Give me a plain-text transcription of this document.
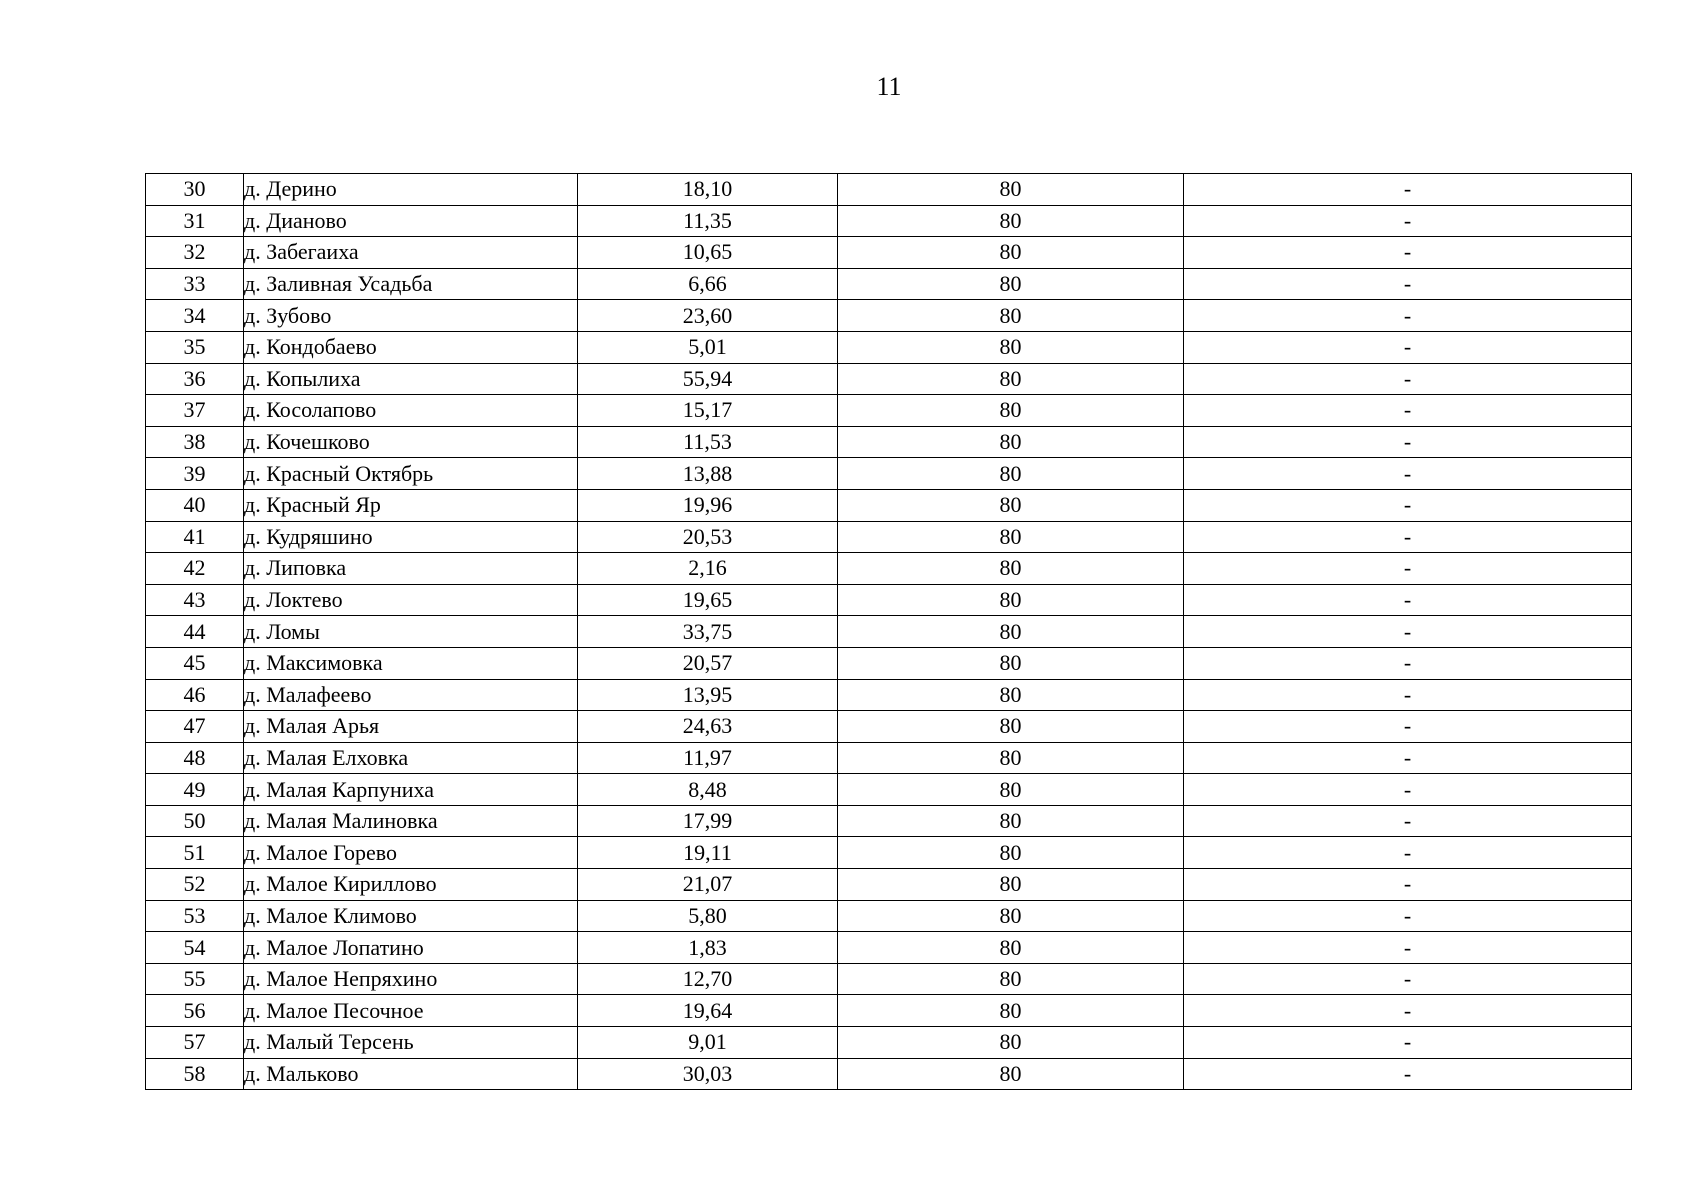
11
30	д. Дерино	18,10	80	-
31	д. Дианово	11,35	80	-
32	д. Забегаиха	10,65	80	-
33	д. Заливная Усадьба	6,66	80	-
34	д. Зубово	23,60	80	-
35	д. Кондобаево	5,01	80	-
36	д. Копылиха	55,94	80	-
37	д. Косолапово	15,17	80	-
38	д. Кочешково	11,53	80	-
39	д. Красный Октябрь	13,88	80	-
40	д. Красный Яр	19,96	80	-
41	д. Кудряшино	20,53	80	-
42	д. Липовка	2,16	80	-
43	д. Локтево	19,65	80	-
44	д. Ломы	33,75	80	-
45	д. Максимовка	20,57	80	-
46	д. Малафеево	13,95	80	-
47	д. Малая Арья	24,63	80	-
48	д. Малая Елховка	11,97	80	-
49	д. Малая Карпуниха	8,48	80	-
50	д. Малая Малиновка	17,99	80	-
51	д. Малое Горево	19,11	80	-
52	д. Малое Кириллово	21,07	80	-
53	д. Малое Климово	5,80	80	-
54	д. Малое Лопатино	1,83	80	-
55	д. Малое Непряхино	12,70	80	-
56	д. Малое Песочное	19,64	80	-
57	д. Малый Терсень	9,01	80	-
58	д. Мальково	30,03	80	-
